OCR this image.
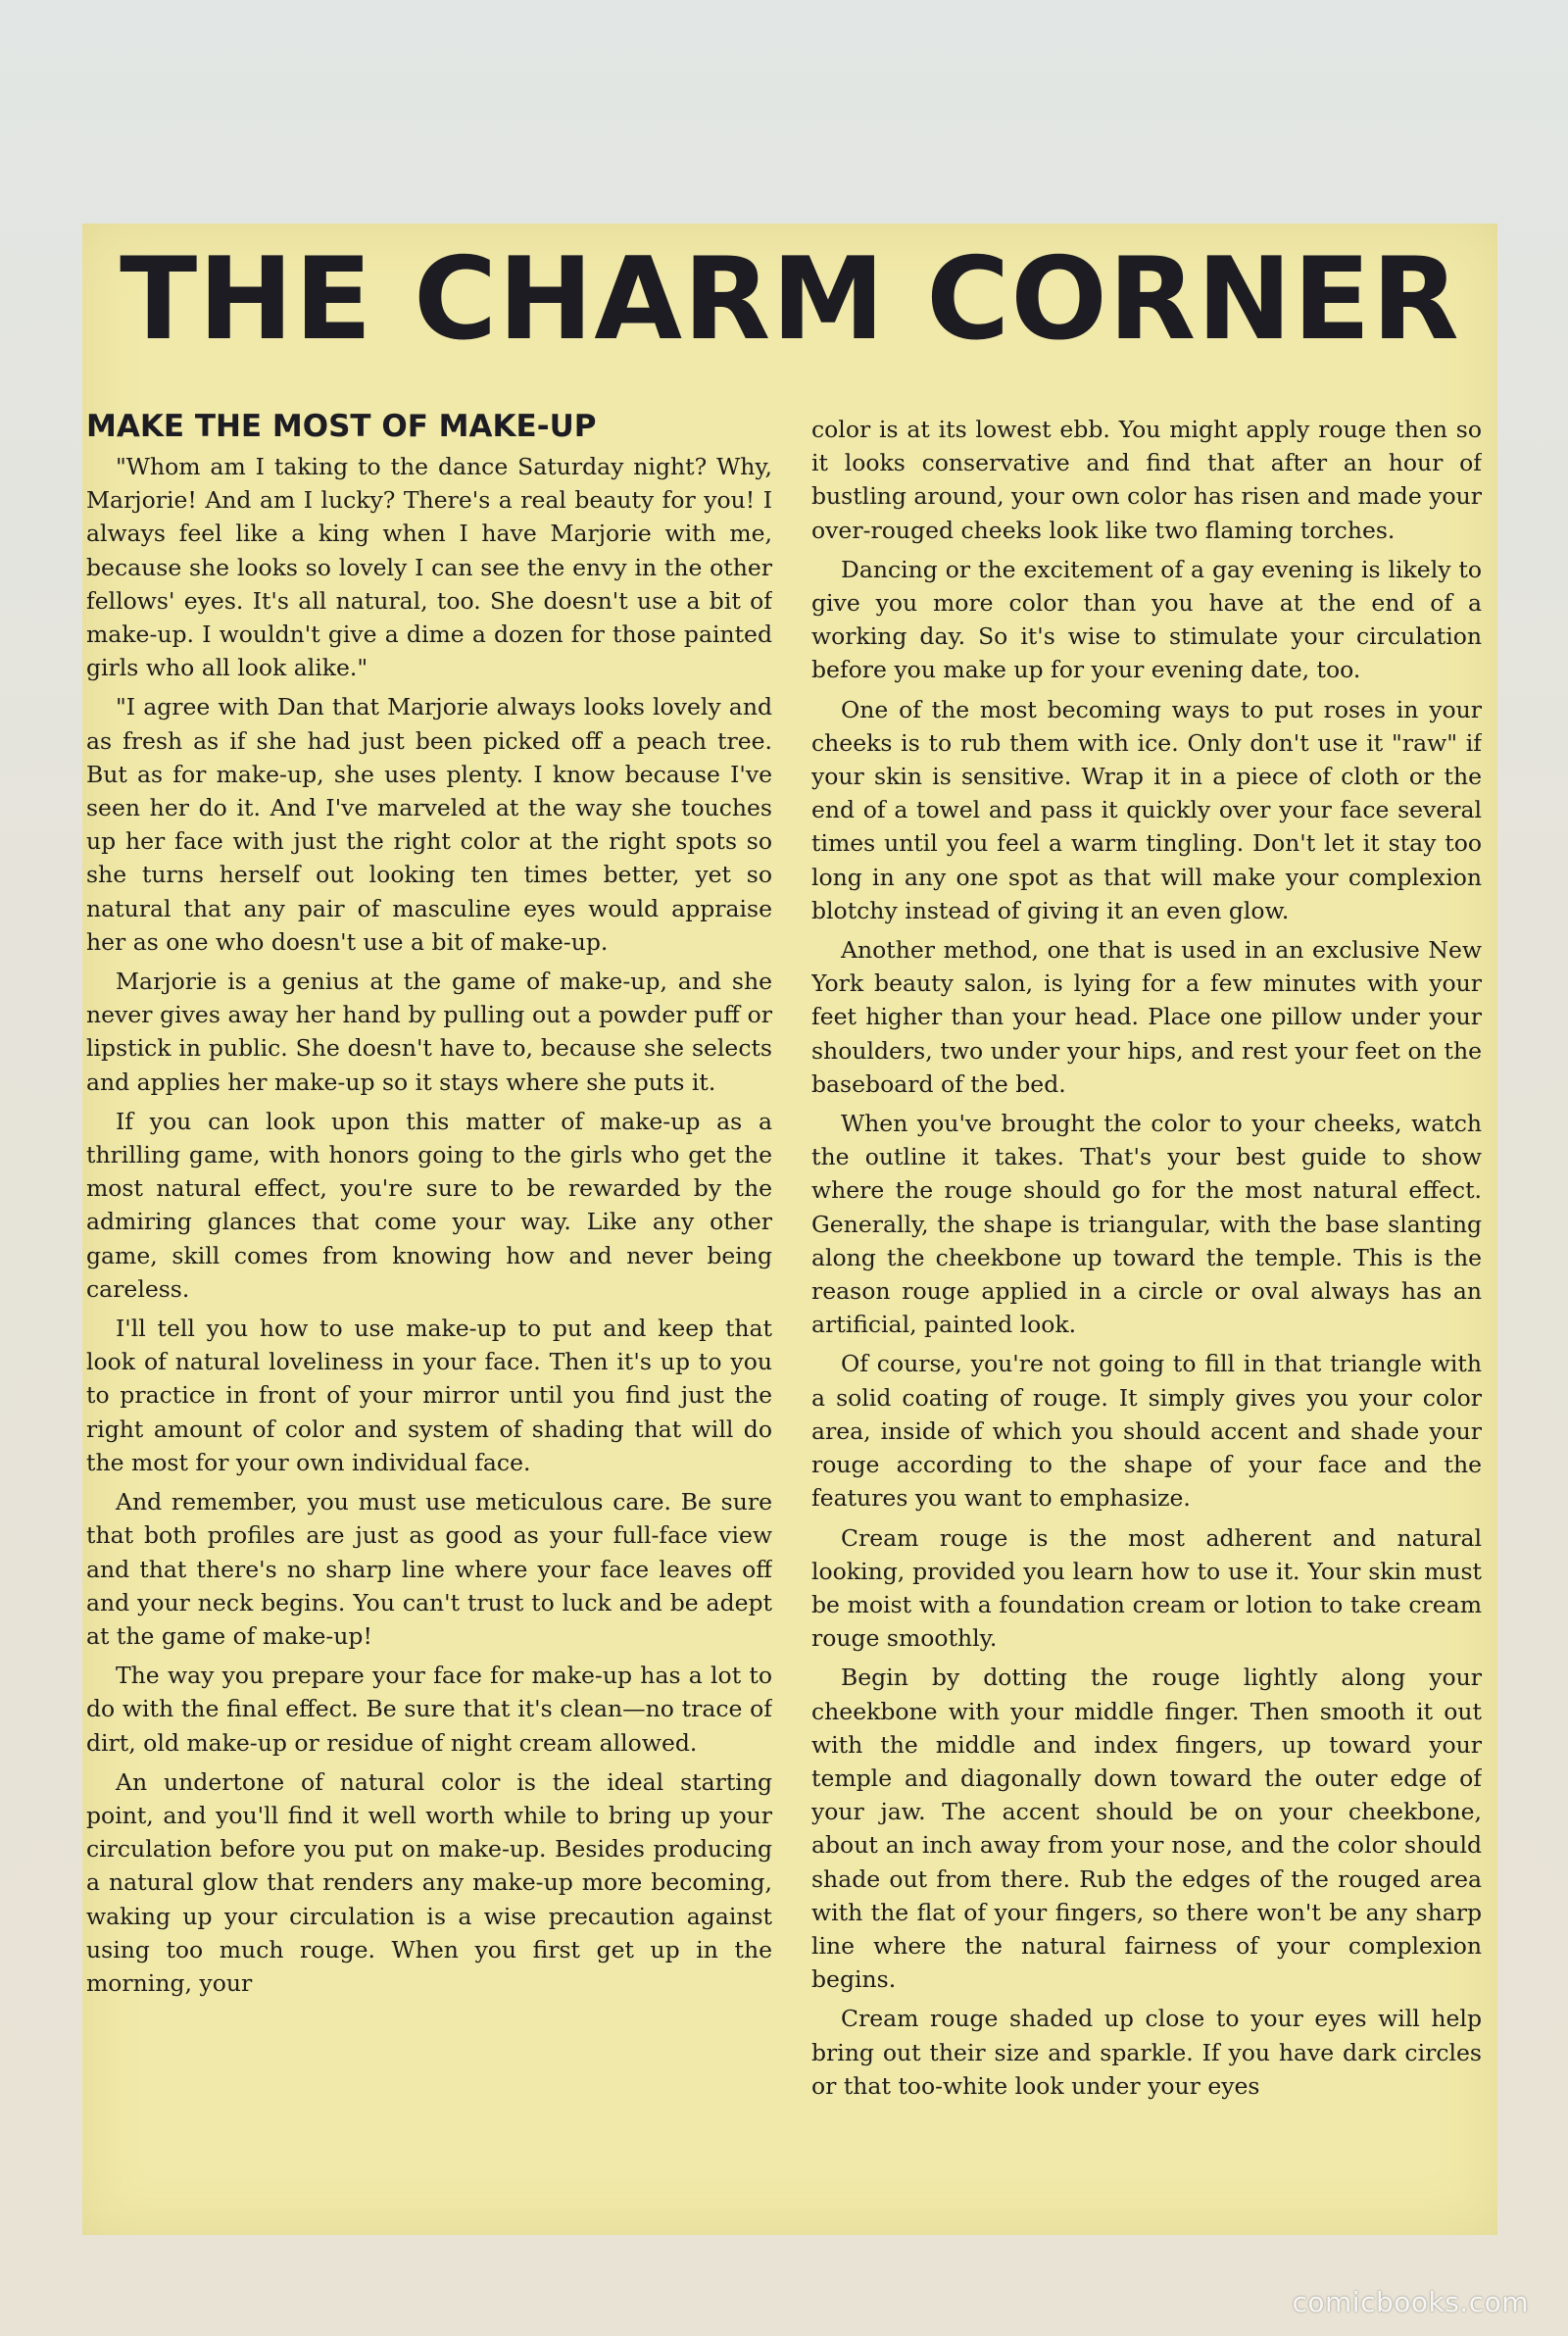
THE CHARM CORNER
MAKE THE MOST OF MAKE-UP

"Whom am I taking to the dance Saturday night? Why, Marjorie! And am I lucky? There's a real beauty for you! I always feel like a king when I have Marjorie with me, because she looks so lovely I can see the envy in the other fellows' eyes. It's all natural, too. She doesn't use a bit of make-up. I wouldn't give a dime a dozen for those painted girls who all look alike."

"I agree with Dan that Marjorie always looks lovely and as fresh as if she had just been picked off a peach tree. But as for make-up, she uses plenty. I know because I've seen her do it. And I've marveled at the way she touches up her face with just the right color at the right spots so she turns herself out looking ten times better, yet so natural that any pair of masculine eyes would appraise her as one who doesn't use a bit of make-up.

Marjorie is a genius at the game of make-up, and she never gives away her hand by pulling out a powder puff or lipstick in public. She doesn't have to, because she selects and applies her make-up so it stays where she puts it.

If you can look upon this matter of make-up as a thrilling game, with honors going to the girls who get the most natural effect, you're sure to be rewarded by the admiring glances that come your way. Like any other game, skill comes from knowing how and never being careless.

I'll tell you how to use make-up to put and keep that look of natural loveliness in your face. Then it's up to you to practice in front of your mirror until you find just the right amount of color and system of shading that will do the most for your own individual face.

And remember, you must use meticulous care. Be sure that both profiles are just as good as your full-face view and that there's no sharp line where your face leaves off and your neck begins. You can't trust to luck and be adept at the game of make-up!

The way you prepare your face for make-up has a lot to do with the final effect. Be sure that it's clean—no trace of dirt, old make-up or residue of night cream allowed.

An undertone of natural color is the ideal starting point, and you'll find it well worth while to bring up your circulation before you put on make-up. Besides producing a natural glow that renders any make-up more becoming, waking up your circulation is a wise precaution against using too much rouge. When you first get up in the morning, your

color is at its lowest ebb. You might apply rouge then so it looks conservative and find that after an hour of bustling around, your own color has risen and made your over-rouged cheeks look like two flaming torches.

Dancing or the excitement of a gay evening is likely to give you more color than you have at the end of a working day. So it's wise to stimulate your circulation before you make up for your evening date, too.

One of the most becoming ways to put roses in your cheeks is to rub them with ice. Only don't use it "raw" if your skin is sensitive. Wrap it in a piece of cloth or the end of a towel and pass it quickly over your face several times until you feel a warm tingling. Don't let it stay too long in any one spot as that will make your complexion blotchy instead of giving it an even glow.

Another method, one that is used in an exclusive New York beauty salon, is lying for a few minutes with your feet higher than your head. Place one pillow under your shoulders, two under your hips, and rest your feet on the baseboard of the bed.

When you've brought the color to your cheeks, watch the outline it takes. That's your best guide to show where the rouge should go for the most natural effect. Generally, the shape is triangular, with the base slanting along the cheekbone up toward the temple. This is the reason rouge applied in a circle or oval always has an artificial, painted look.

Of course, you're not going to fill in that triangle with a solid coating of rouge. It simply gives you your color area, inside of which you should accent and shade your rouge according to the shape of your face and the features you want to emphasize.

Cream rouge is the most adherent and natural looking, provided you learn how to use it. Your skin must be moist with a foundation cream or lotion to take cream rouge smoothly.

Begin by dotting the rouge lightly along your cheekbone with your middle finger. Then smooth it out with the middle and index fingers, up toward your temple and diagonally down toward the outer edge of your jaw. The accent should be on your cheekbone, about an inch away from your nose, and the color should shade out from there. Rub the edges of the rouged area with the flat of your fingers, so there won't be any sharp line where the natural fairness of your complexion begins.

Cream rouge shaded up close to your eyes will help bring out their size and sparkle. If you have dark circles or that too-white look under your eyes

comicbooks.com
